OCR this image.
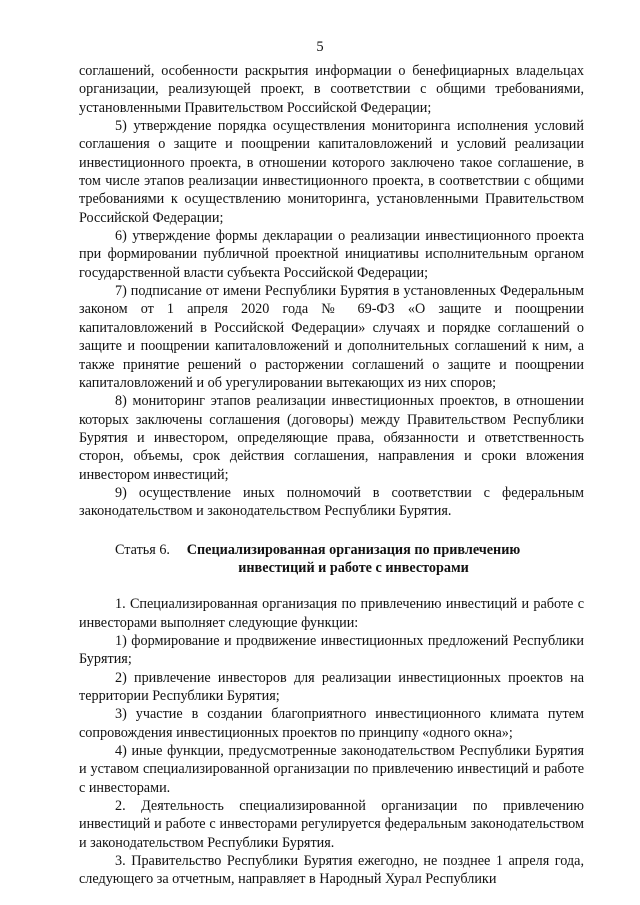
5

соглашений, особенности раскрытия информации о бенефициарных владельцах организации, реализующей проект, в соответствии с общими требованиями, установленными Правительством Российской Федерации;

5) утверждение порядка осуществления мониторинга исполнения условий соглашения о защите и поощрении капиталовложений и условий реализации инвестиционного проекта, в отношении которого заключено такое соглашение, в том числе этапов реализации инвестиционного проекта, в соответствии с общими требованиями к осуществлению мониторинга, установленными Правительством Российской Федерации;

6) утверждение формы декларации о реализации инвестиционного проекта при формировании публичной проектной инициативы исполнительным органом государственной власти субъекта Российской Федерации;

7) подписание от имени Республики Бурятия в установленных Федеральным законом от 1 апреля 2020 года № 69-ФЗ «О защите и поощрении капиталовложений в Российской Федерации» случаях и порядке соглашений о защите и поощрении капиталовложений и дополнительных соглашений к ним, а также принятие решений о расторжении соглашений о защите и поощрении капиталовложений и об урегулировании вытекающих из них споров;

8) мониторинг этапов реализации инвестиционных проектов, в отношении которых заключены соглашения (договоры) между Правительством Республики Бурятия и инвестором, определяющие права, обязанности и ответственность сторон, объемы, срок действия соглашения, направления и сроки вложения инвестором инвестиций;

9) осуществление иных полномочий в соответствии с федеральным законодательством и законодательством Республики Бурятия.

Статья 6. Специализированная организация по привлечению инвестиций и работе с инвесторами

1. Специализированная организация по привлечению инвестиций и работе с инвесторами выполняет следующие функции:

1) формирование и продвижение инвестиционных предложений Республики Бурятия;

2) привлечение инвесторов для реализации инвестиционных проектов на территории Республики Бурятия;

3) участие в создании благоприятного инвестиционного климата путем сопровождения инвестиционных проектов по принципу «одного окна»;

4) иные функции, предусмотренные законодательством Республики Бурятия и уставом специализированной организации по привлечению инвестиций и работе с инвесторами.

2. Деятельность специализированной организации по привлечению инвестиций и работе с инвесторами регулируется федеральным законодательством и законодательством Республики Бурятия.

3. Правительство Республики Бурятия ежегодно, не позднее 1 апреля года, следующего за отчетным, направляет в Народный Хурал Республики
